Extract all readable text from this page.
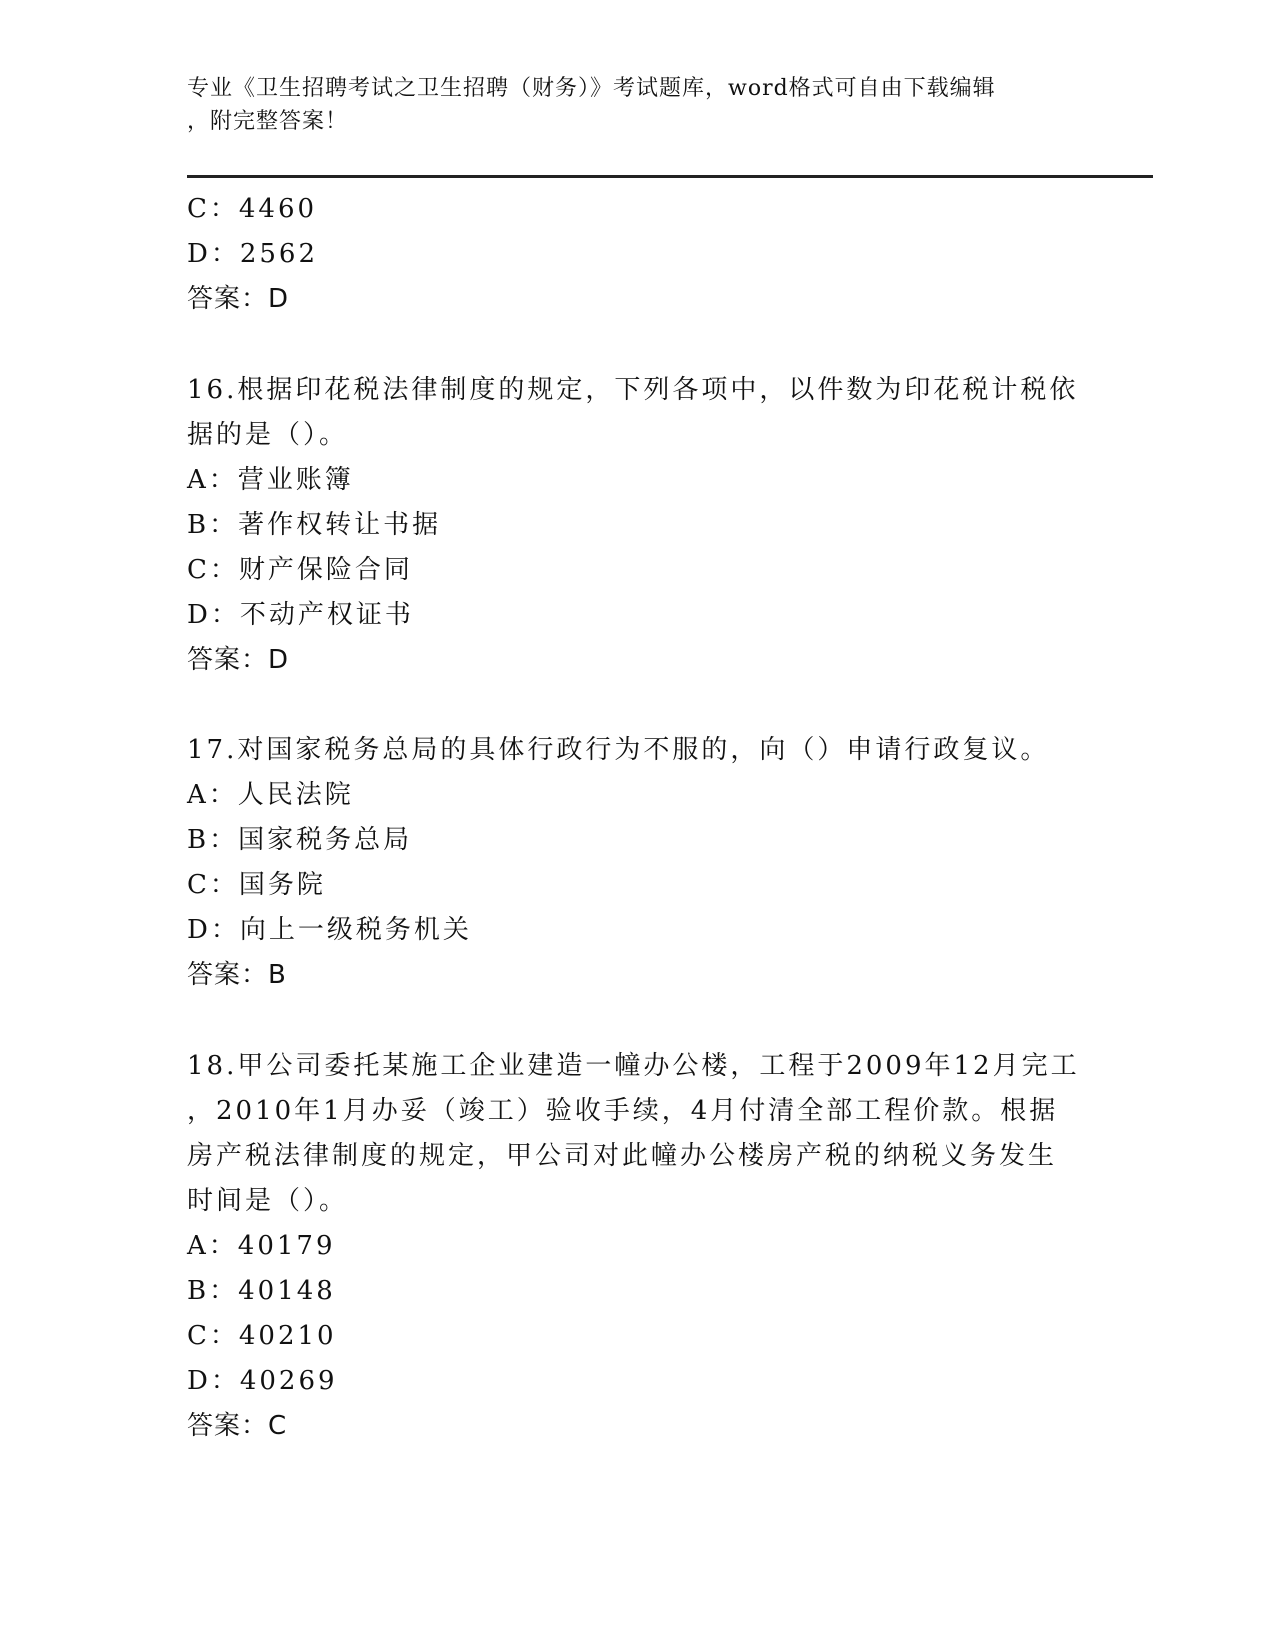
专业《卫生招聘考试之卫生招聘（财务）》考试题库，word格式可自由下载编辑
，附完整答案！
C：4460
D：2562
答案：D
16.根据印花税法律制度的规定，下列各项中，以件数为印花税计税依
据的是（）。
A：营业账簿
B：著作权转让书据
C：财产保险合同
D：不动产权证书
答案：D
17.对国家税务总局的具体行政行为不服的，向（）申请行政复议。
A：人民法院
B：国家税务总局
C：国务院
D：向上一级税务机关
答案：B
18.甲公司委托某施工企业建造一幢办公楼，工程于2009年12月完工
，2010年1月办妥（竣工）验收手续，4月付清全部工程价款。根据
房产税法律制度的规定，甲公司对此幢办公楼房产税的纳税义务发生
时间是（）。
A：40179
B：40148
C：40210
D：40269
答案：C
